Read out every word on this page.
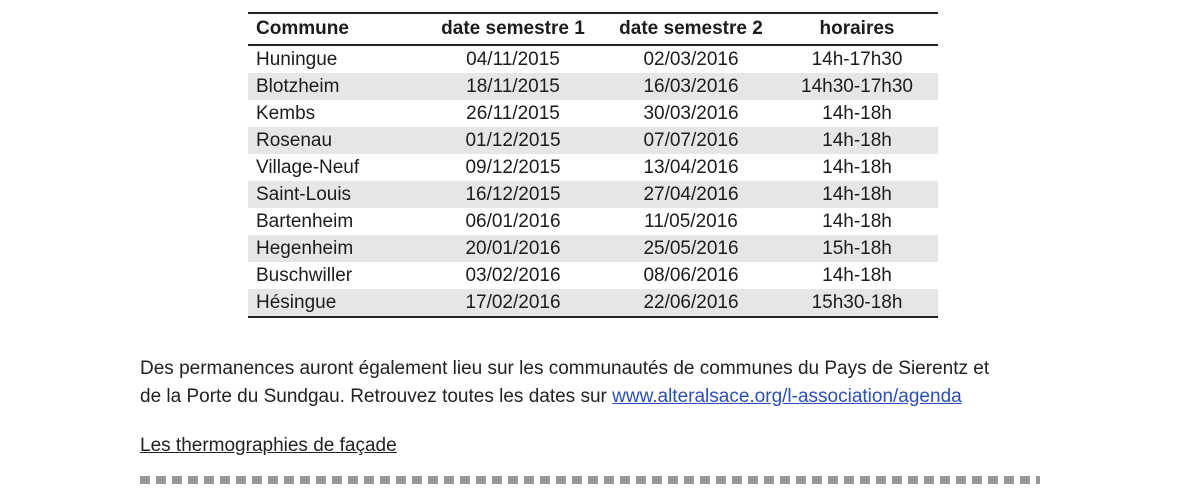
Commune	date semestre 1	date semestre 2	horaires
Huningue	04/11/2015	02/03/2016	14h-17h30
Blotzheim	18/11/2015	16/03/2016	14h30-17h30
Kembs	26/11/2015	30/03/2016	14h-18h
Rosenau	01/12/2015	07/07/2016	14h-18h
Village-Neuf	09/12/2015	13/04/2016	14h-18h
Saint-Louis	16/12/2015	27/04/2016	14h-18h
Bartenheim	06/01/2016	11/05/2016	14h-18h
Hegenheim	20/01/2016	25/05/2016	15h-18h
Buschwiller	03/02/2016	08/06/2016	14h-18h
Hésingue	17/02/2016	22/06/2016	15h30-18h

Des permanences auront également lieu sur les communautés de communes du Pays de Sierentz et
de la Porte du Sundgau. Retrouvez toutes les dates sur www.alteralsace.org/l-association/agenda

Les thermographies de façade
